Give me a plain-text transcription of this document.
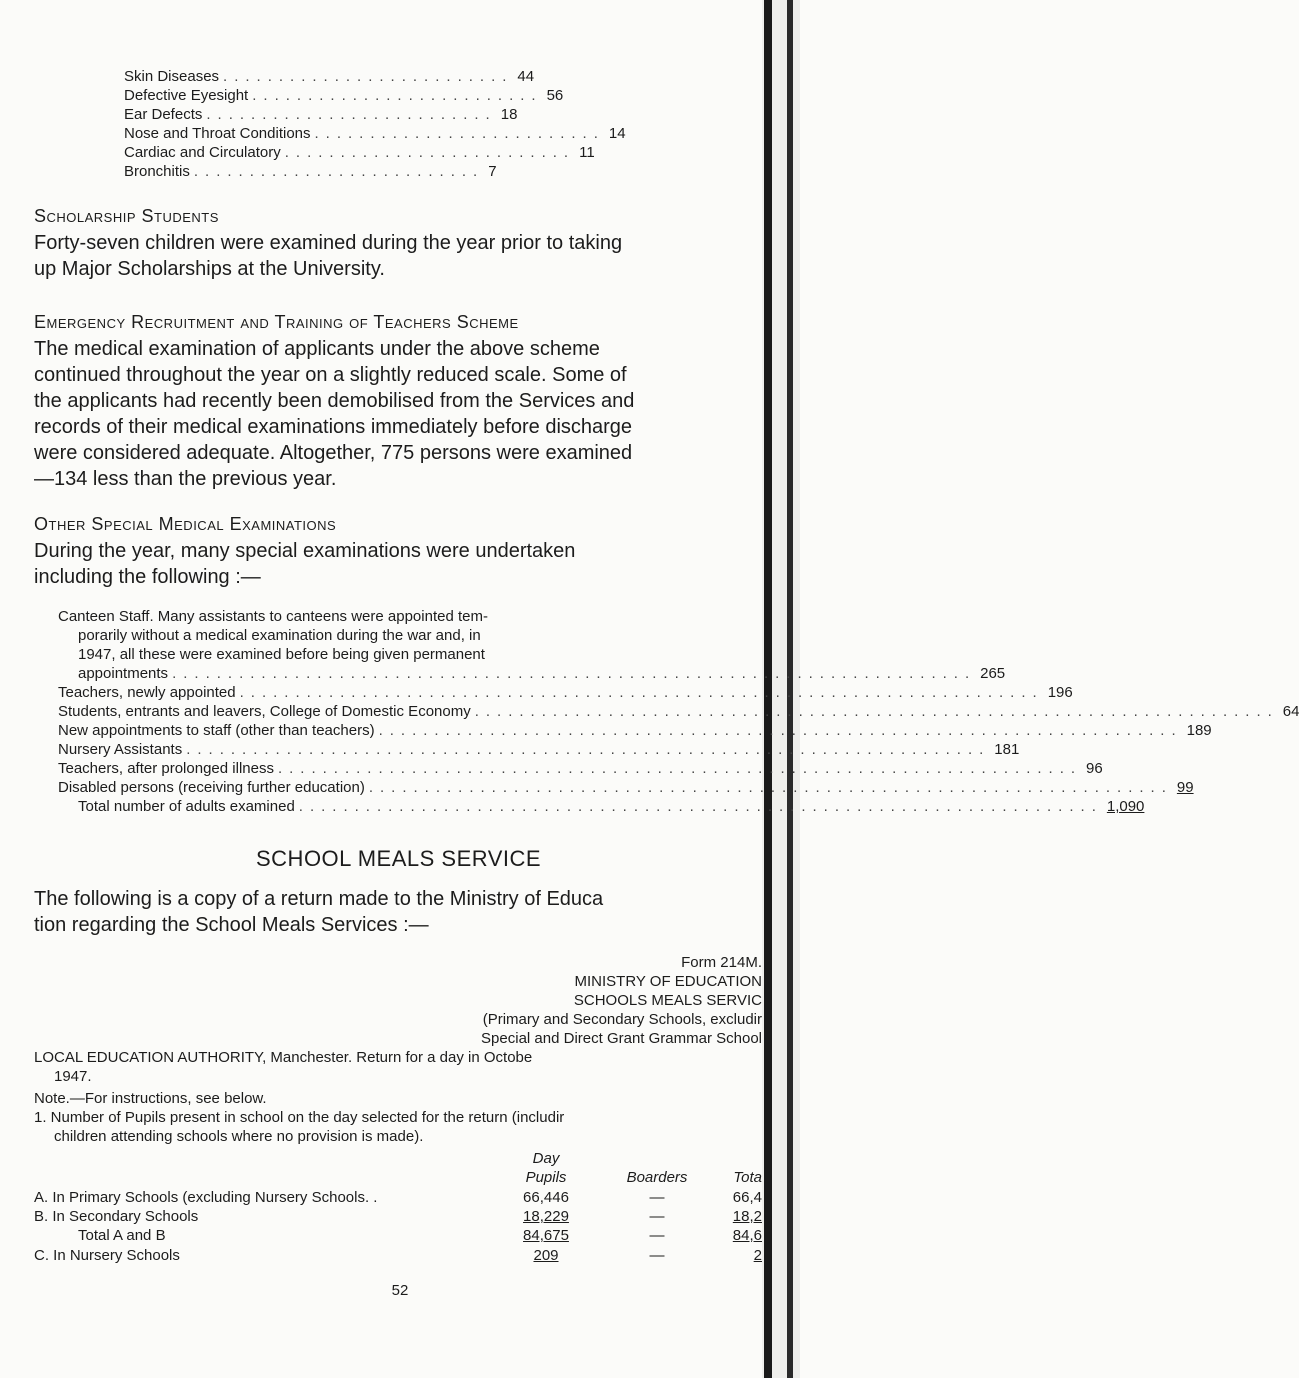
Skin Diseases .......................... 44
Defective Eyesight .......................... 56
Ear Defects .......................... 18
Nose and Throat Conditions .......................... 14
Cardiac and Circulatory .......................... 11
Bronchitis .......................... 7
Scholarship Students
Forty-seven children were examined during the year prior to taking
up Major Scholarships at the University.
Emergency Recruitment and Training of Teachers Scheme
The medical examination of applicants under the above scheme
continued throughout the year on a slightly reduced scale. Some of
the applicants had recently been demobilised from the Services and
records of their medical examinations immediately before discharge
were considered adequate. Altogether, 775 persons were examined
—134 less than the previous year.
Other Special Medical Examinations
During the year, many special examinations were undertaken
including the following :—
Canteen Staff. Many assistants to canteens were appointed tem-
porarily without a medical examination during the war and, in
1947, all these were examined before being given permanent
appointments ........................................................................ 265
Teachers, newly appointed ........................................................................ 196
Students, entrants and leavers, College of Domestic Economy ........................................................................ 64
New appointments to staff (other than teachers) ........................................................................ 189
Nursery Assistants ........................................................................ 181
Teachers, after prolonged illness ........................................................................ 96
Disabled persons (receiving further education) ........................................................................ 99
Total number of adults examined ........................................................................ 1,090
SCHOOL MEALS SERVICE
The following is a copy of a return made to the Ministry of Educa
tion regarding the School Meals Services :—
Form 214M.
MINISTRY OF EDUCATION
SCHOOLS MEALS SERVIC
(Primary and Secondary Schools, excludir
Special and Direct Grant Grammar School
LOCAL EDUCATION AUTHORITY, Manchester. Return for a day in Octobe
1947.
Note.—For instructions, see below.
1. Number of Pupils present in school on the day selected for the return (includir
children attending schools where no provision is made).
Day
Pupils	Boarders	Tota
A. In Primary Schools (excluding Nursery Schools. .	66,446	—	66,4
B. In Secondary Schools	18,229	—	18,2
Total A and B	84,675	—	84,6
C. In Nursery Schools	209	—	2
52
